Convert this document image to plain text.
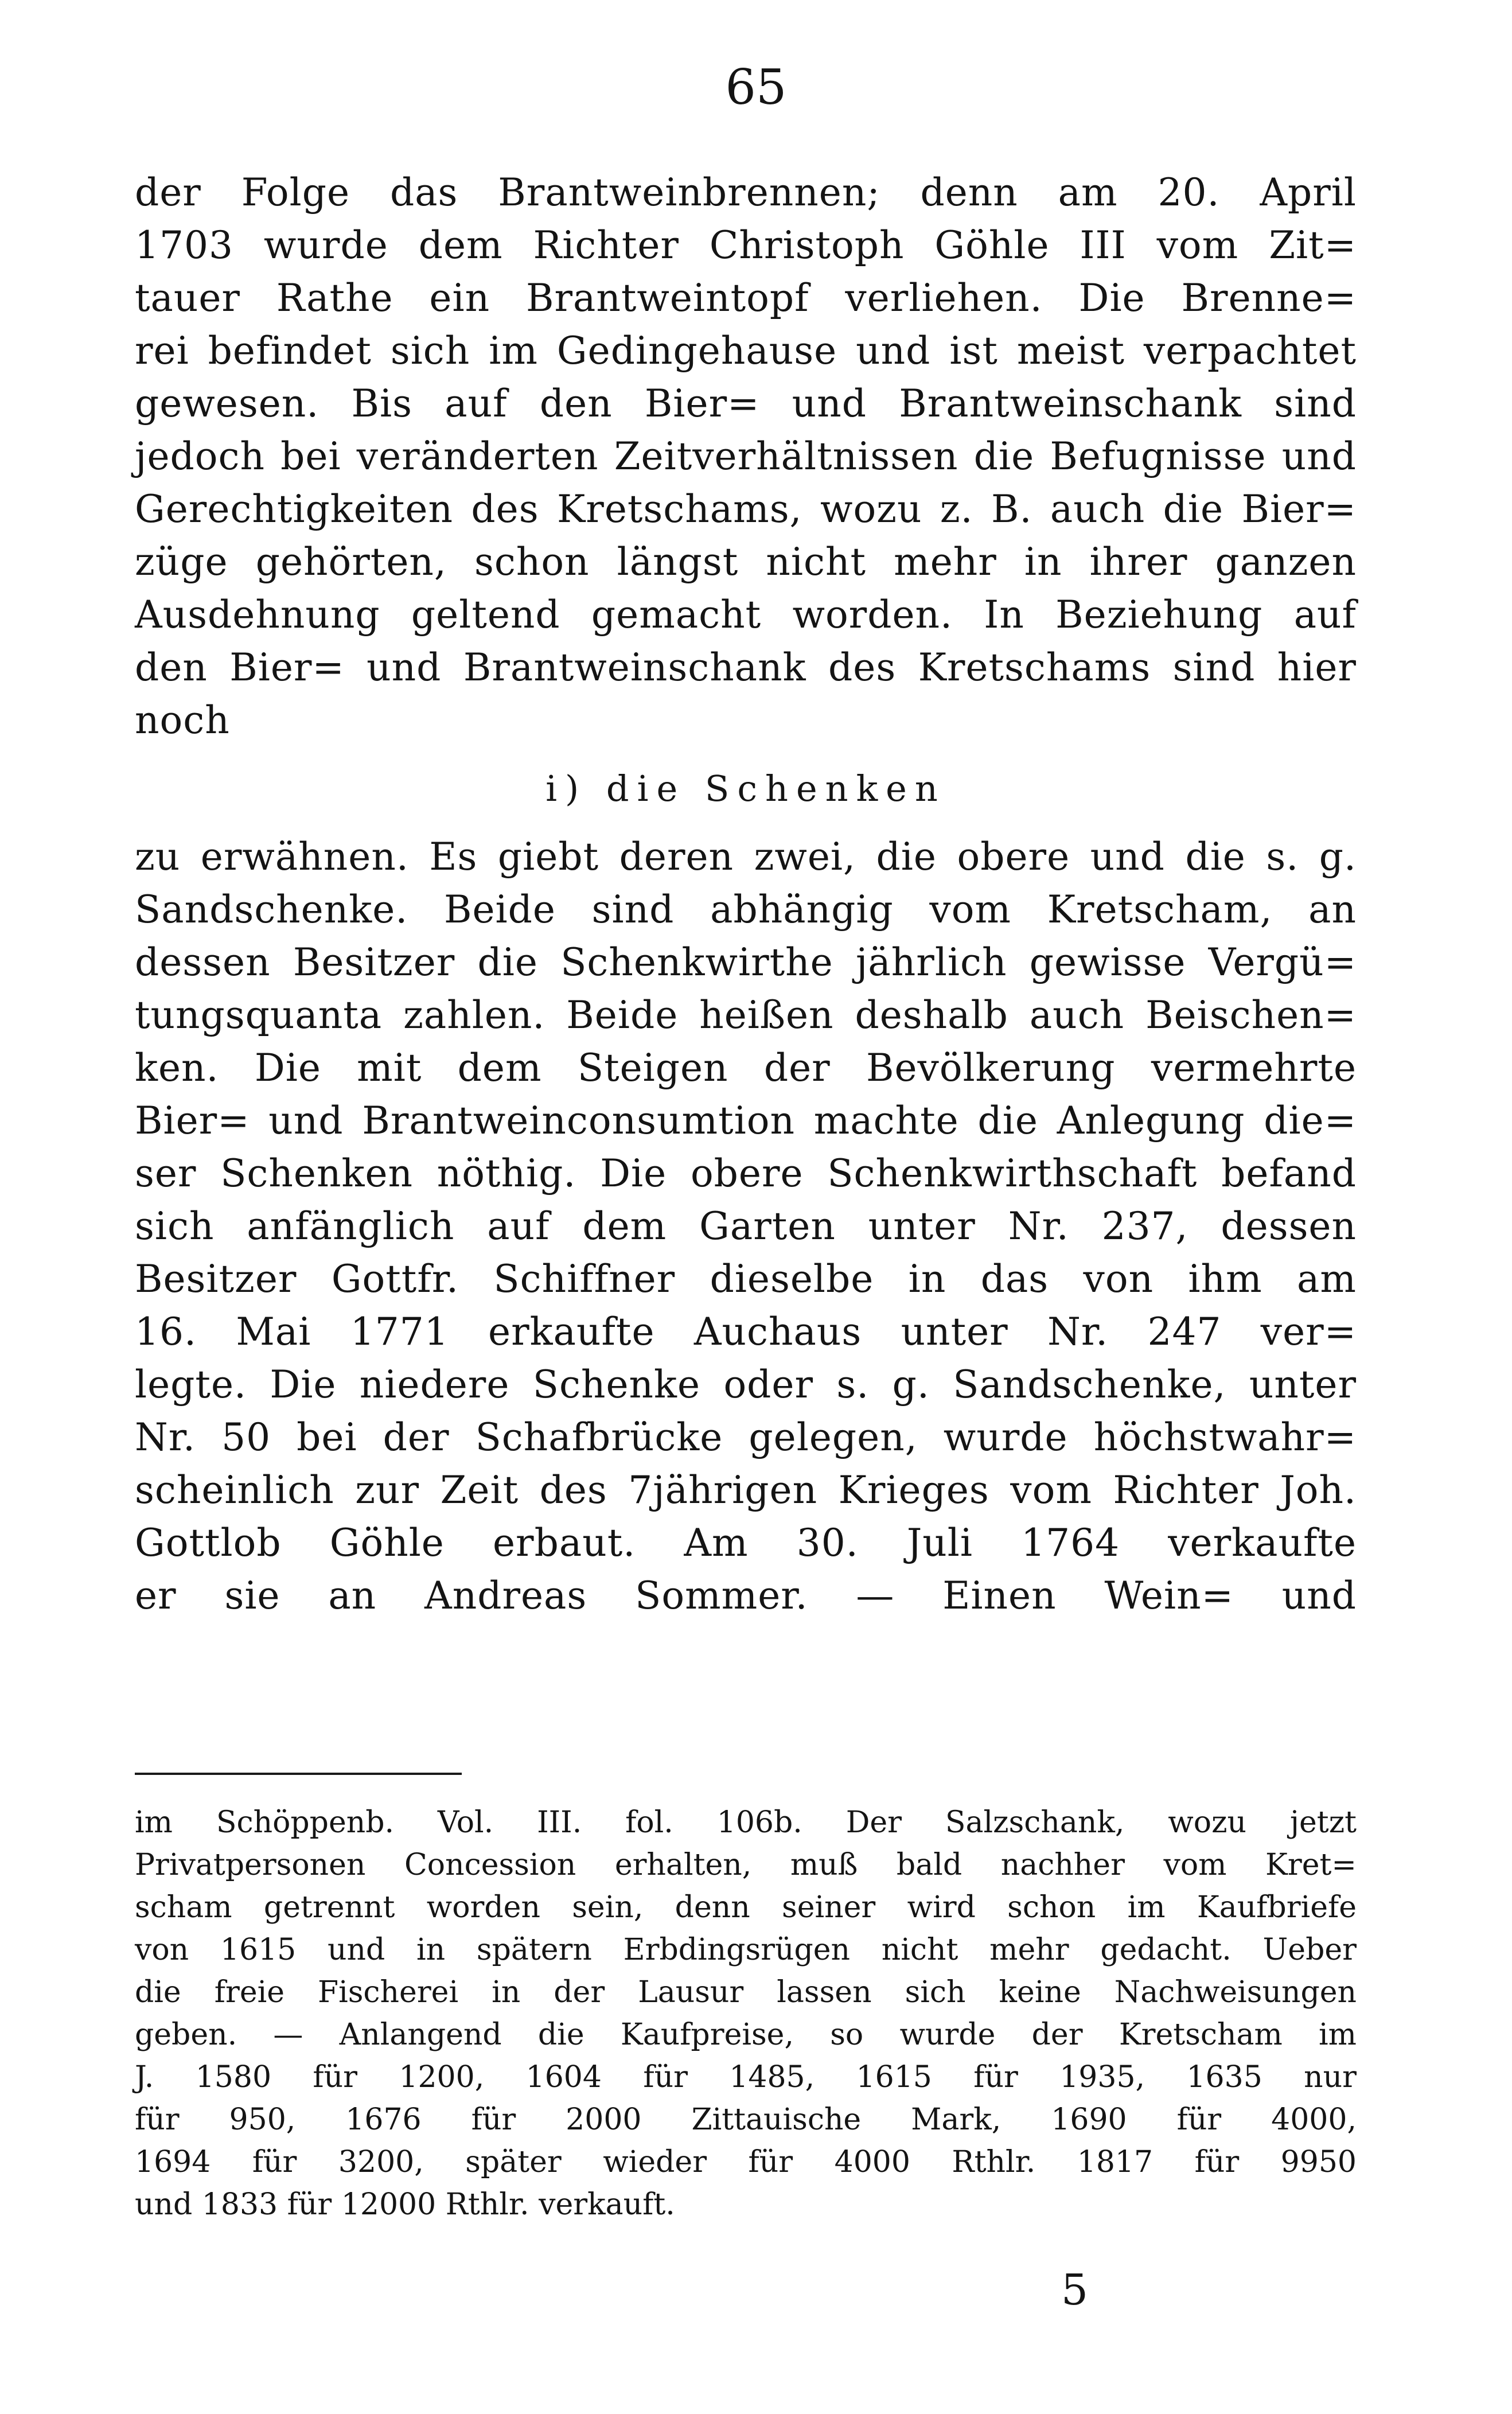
65
der Folge das Brantweinbrennen; denn am 20. April
1703 wurde dem Richter Christoph Göhle III vom Zit=
tauer Rathe ein Brantweintopf verliehen. Die Brenne=
rei befindet sich im Gedingehause und ist meist verpachtet
gewesen. Bis auf den Bier= und Brantweinschank sind
jedoch bei veränderten Zeitverhältnissen die Befugnisse und
Gerechtigkeiten des Kretschams, wozu z. B. auch die Bier=
züge gehörten, schon längst nicht mehr in ihrer ganzen
Ausdehnung geltend gemacht worden. In Beziehung auf
den Bier= und Brantweinschank des Kretschams sind hier
noch
i) die Schenken
zu erwähnen. Es giebt deren zwei, die obere und die s. g.
Sandschenke. Beide sind abhängig vom Kretscham, an
dessen Besitzer die Schenkwirthe jährlich gewisse Vergü=
tungsquanta zahlen. Beide heißen deshalb auch Beischen=
ken. Die mit dem Steigen der Bevölkerung vermehrte
Bier= und Brantweinconsumtion machte die Anlegung die=
ser Schenken nöthig. Die obere Schenkwirthschaft befand
sich anfänglich auf dem Garten unter Nr. 237, dessen
Besitzer Gottfr. Schiffner dieselbe in das von ihm am
16. Mai 1771 erkaufte Auchaus unter Nr. 247 ver=
legte. Die niedere Schenke oder s. g. Sandschenke, unter
Nr. 50 bei der Schafbrücke gelegen, wurde höchstwahr=
scheinlich zur Zeit des 7jährigen Krieges vom Richter Joh.
Gottlob Göhle erbaut. Am 30. Juli 1764 verkaufte
er sie an Andreas Sommer. — Einen Wein= und
im Schöppenb. Vol. III. fol. 106b. Der Salzschank, wozu jetzt
Privatpersonen Concession erhalten, muß bald nachher vom Kret=
scham getrennt worden sein, denn seiner wird schon im Kaufbriefe
von 1615 und in spätern Erbdingsrügen nicht mehr gedacht. Ueber
die freie Fischerei in der Lausur lassen sich keine Nachweisungen
geben. — Anlangend die Kaufpreise, so wurde der Kretscham im
J. 1580 für 1200, 1604 für 1485, 1615 für 1935, 1635 nur
für 950, 1676 für 2000 Zittauische Mark, 1690 für 4000,
1694 für 3200, später wieder für 4000 Rthlr. 1817 für 9950
und 1833 für 12000 Rthlr. verkauft.
5
